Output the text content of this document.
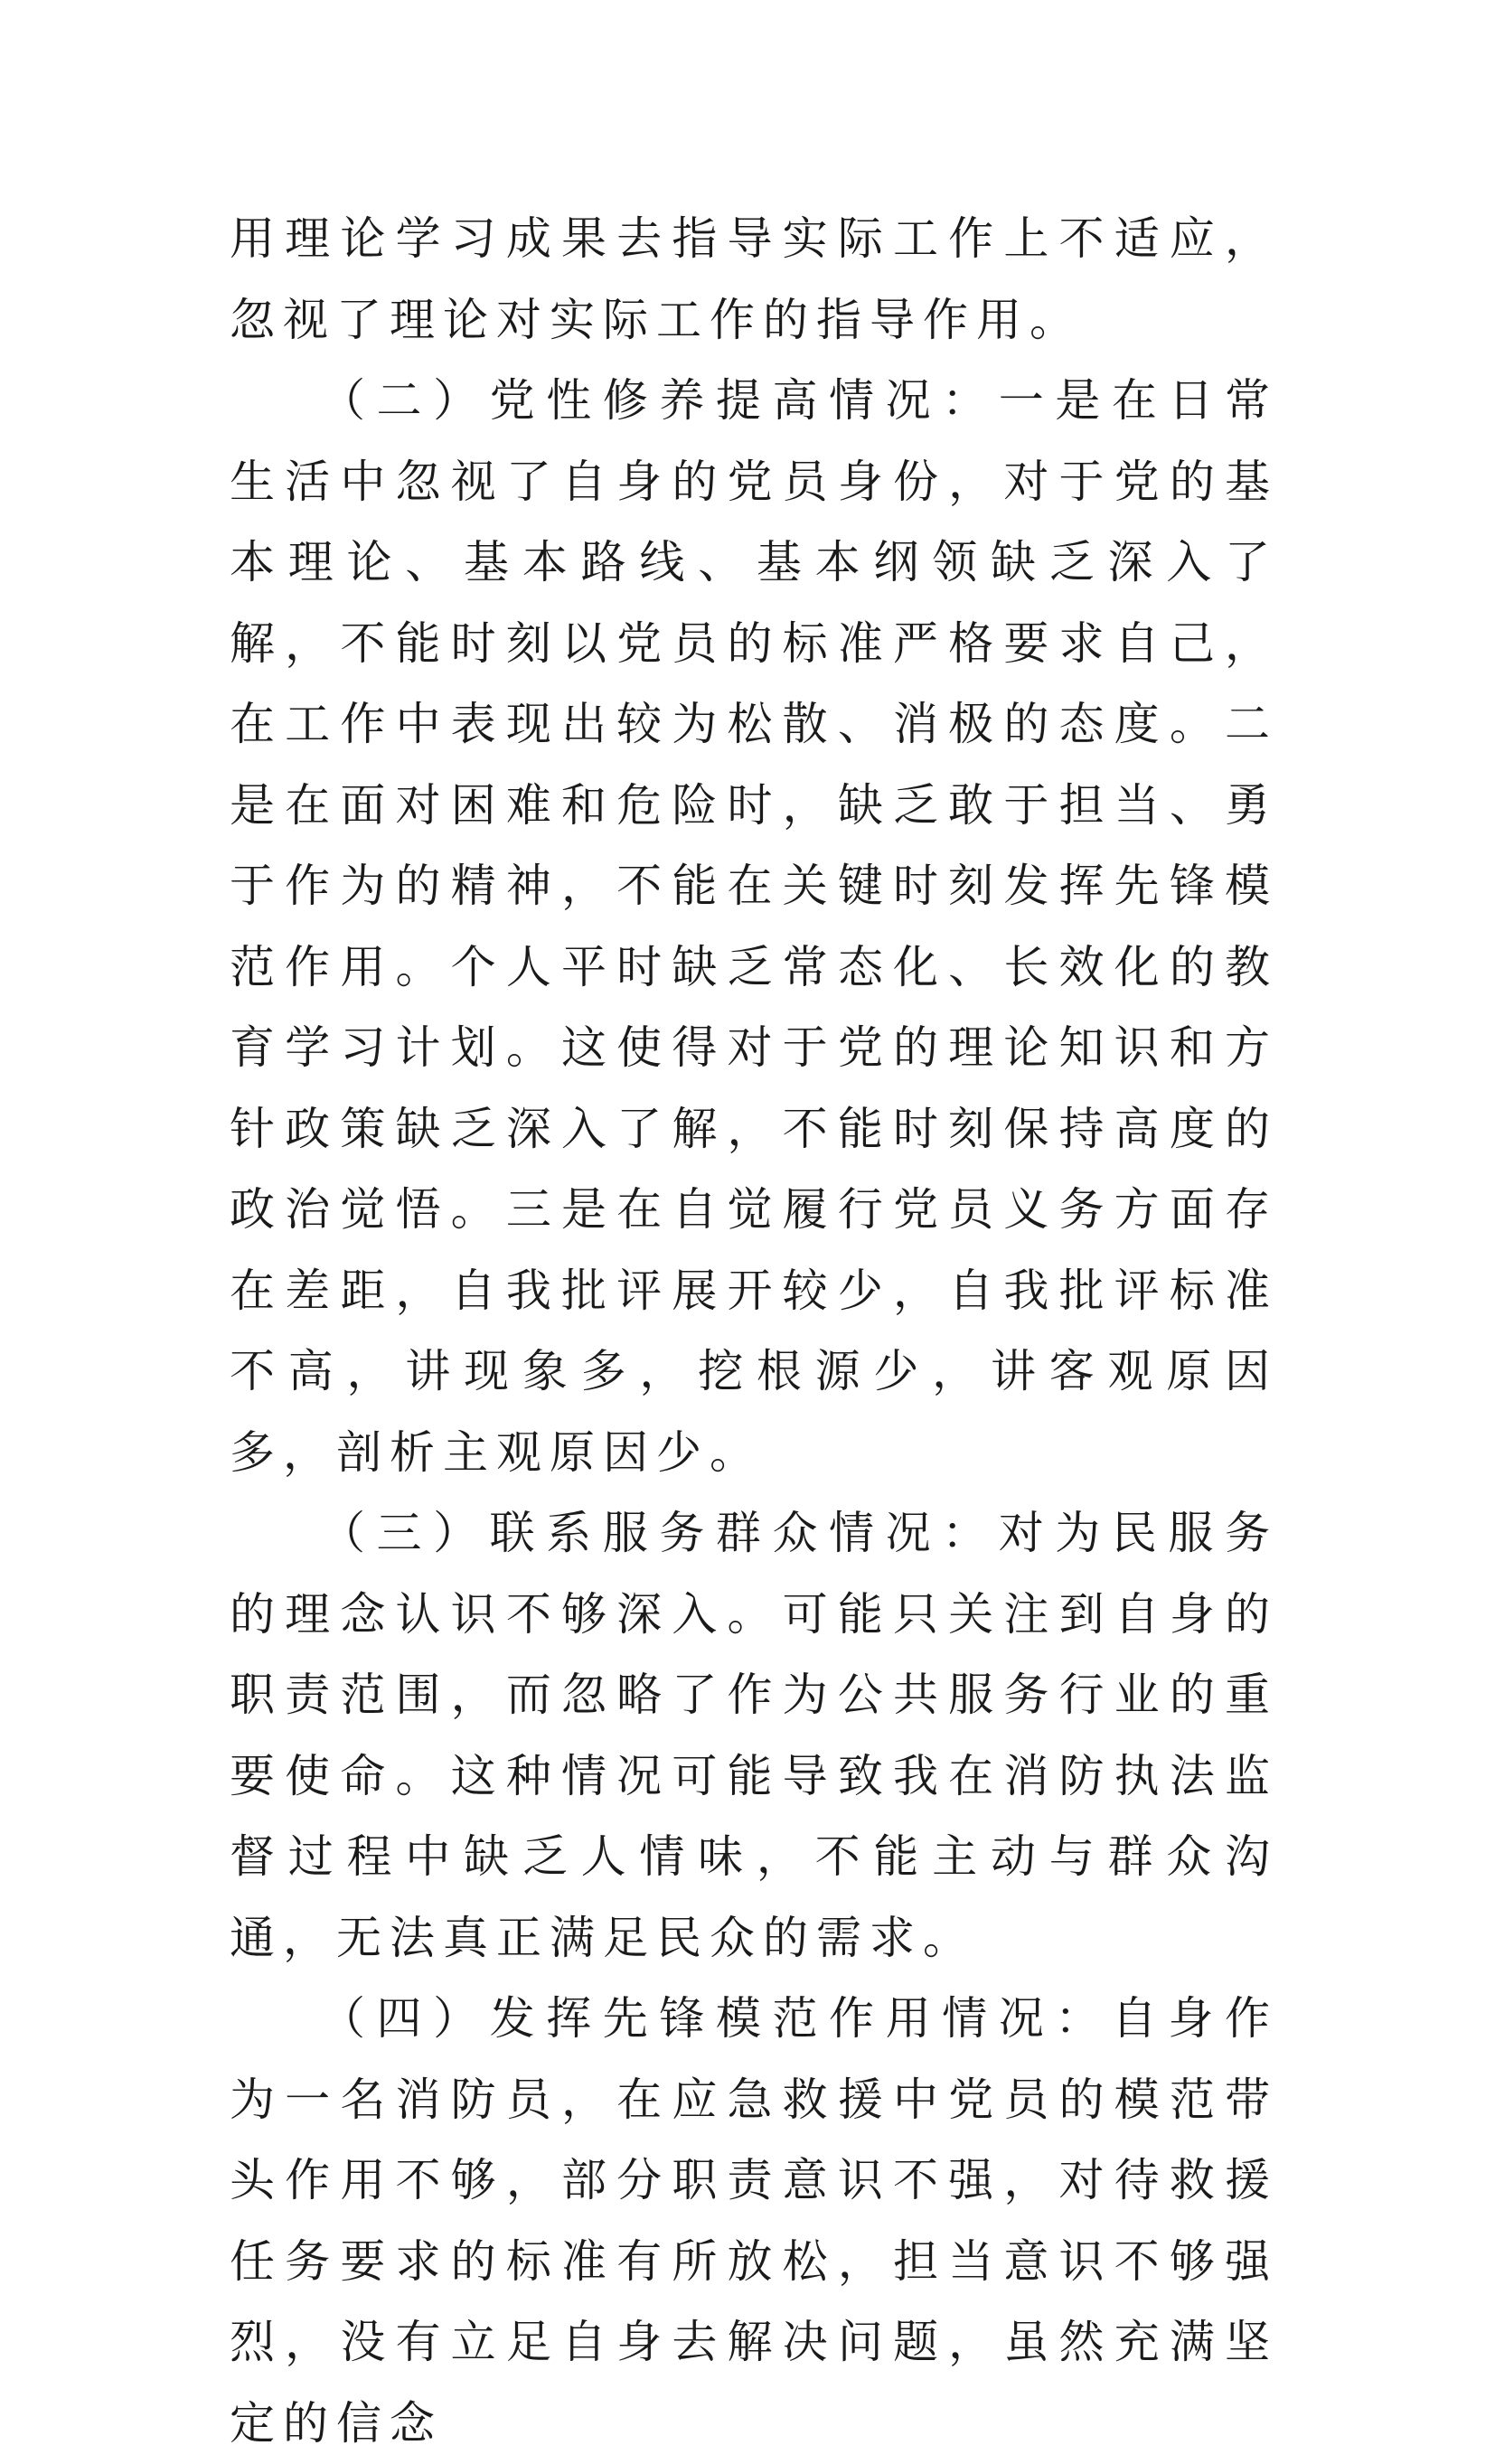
用理论学习成果去指导实际工作上不适应，忽视了理论对实际工作的指导作用。

（二）党性修养提高情况：一是在日常生活中忽视了自身的党员身份，对于党的基本理论、基本路线、基本纲领缺乏深入了解，不能时刻以党员的标准严格要求自己，在工作中表现出较为松散、消极的态度。二是在面对困难和危险时，缺乏敢于担当、勇于作为的精神，不能在关键时刻发挥先锋模范作用。个人平时缺乏常态化、长效化的教育学习计划。这使得对于党的理论知识和方针政策缺乏深入了解，不能时刻保持高度的政治觉悟。三是在自觉履行党员义务方面存在差距，自我批评展开较少，自我批评标准不高，讲现象多，挖根源少，讲客观原因多，剖析主观原因少。

（三）联系服务群众情况：对为民服务的理念认识不够深入。可能只关注到自身的职责范围，而忽略了作为公共服务行业的重要使命。这种情况可能导致我在消防执法监督过程中缺乏人情味，不能主动与群众沟通，无法真正满足民众的需求。

（四）发挥先锋模范作用情况：自身作为一名消防员，在应急救援中党员的模范带头作用不够，部分职责意识不强，对待救援任务要求的标准有所放松，担当意识不够强烈，没有立足自身去解决问题，虽然充满坚定的信念
